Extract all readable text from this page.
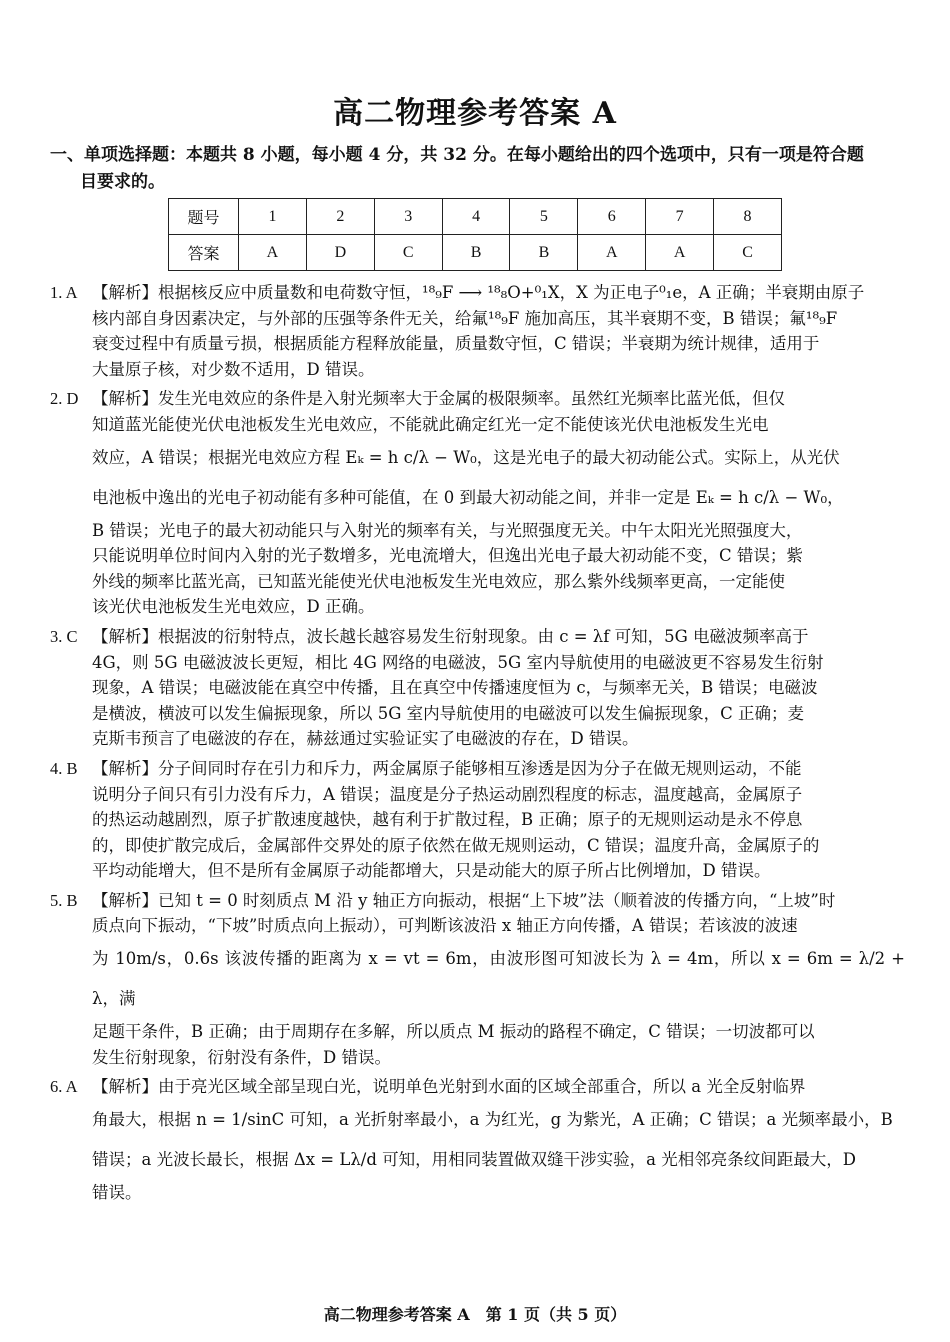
高二物理参考答案 A
一、单项选择题：本题共 8 小题，每小题 4 分，共 32 分。在每小题给出的四个选项中，只有一项是符合题
目要求的。
题号	1	2	3	4	5	6	7	8
答案	A	D	C	B	B	A	A	C
1. A 【解析】根据核反应中质量数和电荷数守恒，¹⁸₉F ⟶ ¹⁸₈O+⁰₁X，X 为正电子⁰₁e，A 正确；半衰期由原子

核内部自身因素决定，与外部的压强等条件无关，给氟¹⁸₉F 施加高压，其半衰期不变，B 错误；氟¹⁸₉F

衰变过程中有质量亏损，根据质能方程释放能量，质量数守恒，C 错误；半衰期为统计规律，适用于

大量原子核，对少数不适用，D 错误。

2. D 【解析】发生光电效应的条件是入射光频率大于金属的极限频率。虽然红光频率比蓝光低，但仅

知道蓝光能使光伏电池板发生光电效应，不能就此确定红光一定不能使该光伏电池板发生光电

效应，A 错误；根据光电效应方程 Eₖ = h c/λ − W₀，这是光电子的最大初动能公式。实际上，从光伏

电池板中逸出的光电子初动能有多种可能值，在 0 到最大初动能之间，并非一定是 Eₖ = h c/λ − W₀，

B 错误；光电子的最大初动能只与入射光的频率有关，与光照强度无关。中午太阳光光照强度大，

只能说明单位时间内入射的光子数增多，光电流增大，但逸出光电子最大初动能不变，C 错误；紫

外线的频率比蓝光高，已知蓝光能使光伏电池板发生光电效应，那么紫外线频率更高，一定能使

该光伏电池板发生光电效应，D 正确。

3. C 【解析】根据波的衍射特点，波长越长越容易发生衍射现象。由 c = λf 可知，5G 电磁波频率高于

4G，则 5G 电磁波波长更短，相比 4G 网络的电磁波，5G 室内导航使用的电磁波更不容易发生衍射

现象，A 错误；电磁波能在真空中传播，且在真空中传播速度恒为 c，与频率无关，B 错误；电磁波

是横波，横波可以发生偏振现象，所以 5G 室内导航使用的电磁波可以发生偏振现象，C 正确；麦

克斯韦预言了电磁波的存在，赫兹通过实验证实了电磁波的存在，D 错误。

4. B 【解析】分子间同时存在引力和斥力，两金属原子能够相互渗透是因为分子在做无规则运动，不能

说明分子间只有引力没有斥力，A 错误；温度是分子热运动剧烈程度的标志，温度越高，金属原子

的热运动越剧烈，原子扩散速度越快，越有利于扩散过程，B 正确；原子的无规则运动是永不停息

的，即使扩散完成后，金属部件交界处的原子依然在做无规则运动，C 错误；温度升高，金属原子的

平均动能增大，但不是所有金属原子动能都增大，只是动能大的原子所占比例增加，D 错误。

5. B 【解析】已知 t = 0 时刻质点 M 沿 y 轴正方向振动，根据“上下坡”法（顺着波的传播方向，“上坡”时

质点向下振动，“下坡”时质点向上振动），可判断该波沿 x 轴正方向传播，A 错误；若该波的波速

为 10m/s，0.6s 该波传播的距离为 x = vt = 6m，由波形图可知波长为 λ = 4m，所以 x = 6m = λ/2 + λ，满

足题干条件，B 正确；由于周期存在多解，所以质点 M 振动的路程不确定，C 错误；一切波都可以

发生衍射现象，衍射没有条件，D 错误。

6. A 【解析】由于亮光区域全部呈现白光，说明单色光射到水面的区域全部重合，所以 a 光全反射临界

角最大，根据 n = 1/sinC 可知，a 光折射率最小，a 为红光，g 为紫光，A 正确；C 错误；a 光频率最小，B

错误；a 光波长最长，根据 Δx = Lλ/d 可知，用相同装置做双缝干涉实验，a 光相邻亮条纹间距最大，D

错误。

高二物理参考答案 A　第 1 页（共 5 页）
